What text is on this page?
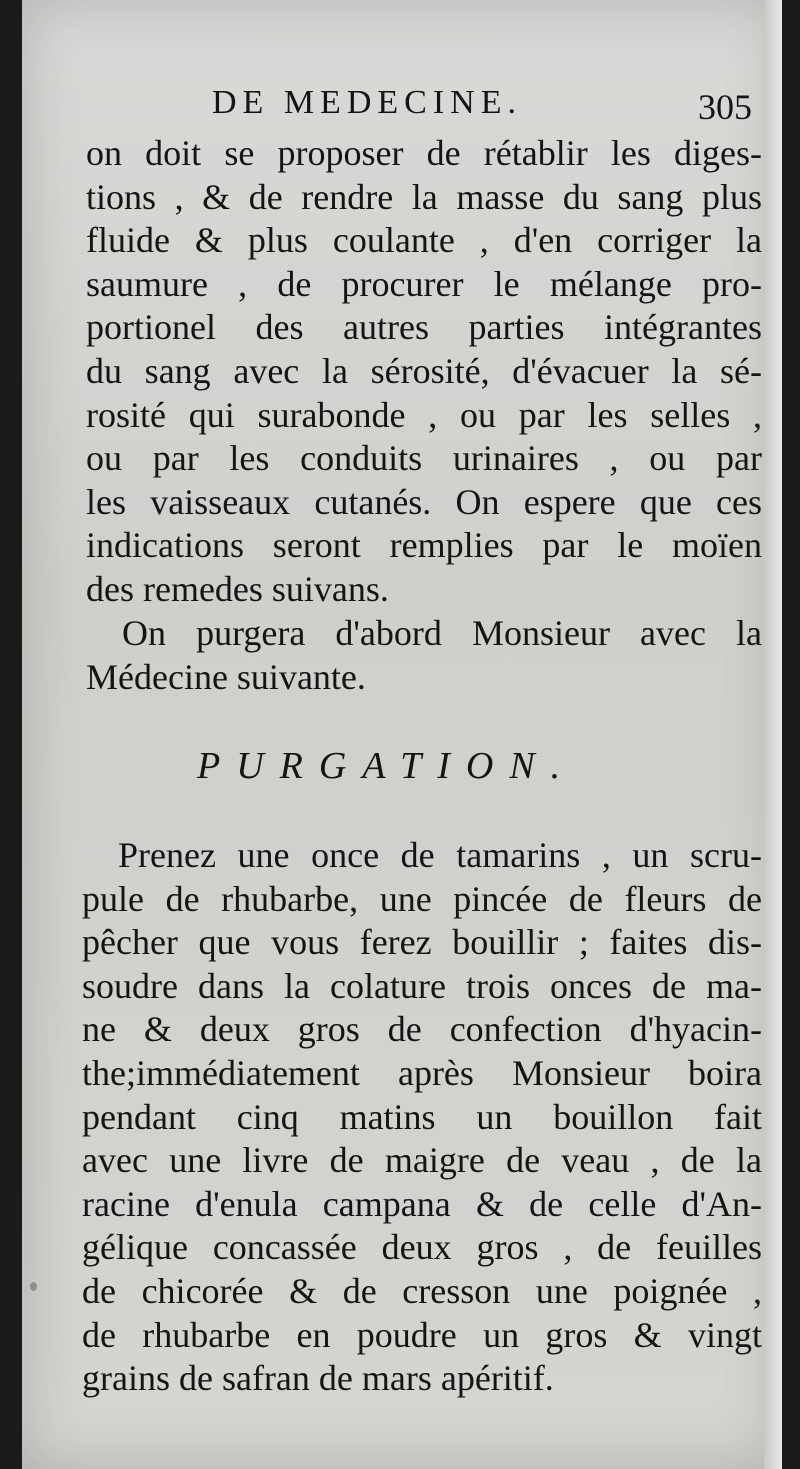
DE MEDECINE.	305
on doit se proposer de rétablir les diges-
tions , & de rendre la masse du sang plus
fluide & plus coulante , d'en corriger la
saumure , de procurer le mélange pro-
portionel des autres parties intégrantes
du sang avec la sérosité, d'évacuer la sé-
rosité qui surabonde , ou par les selles ,
ou par les conduits urinaires , ou par
les vaisseaux cutanés. On espere que ces
indications seront remplies par le moïen
des remedes suivans.
On purgera d'abord Monsieur avec la
Médecine suivante.
PURGATION.
Prenez une once de tamarins , un scru-
pule de rhubarbe, une pincée de fleurs de
pêcher que vous ferez bouillir ; faites dis-
soudre dans la colature trois onces de ma-
ne & deux gros de confection d'hyacin-
the;immédiatement après Monsieur boira
pendant cinq matins un bouillon fait
avec une livre de maigre de veau , de la
racine d'enula campana & de celle d'An-
gélique concassée deux gros , de feuilles
de chicorée & de cresson une poignée ,
de rhubarbe en poudre un gros & vingt
grains de safran de mars apéritif.
